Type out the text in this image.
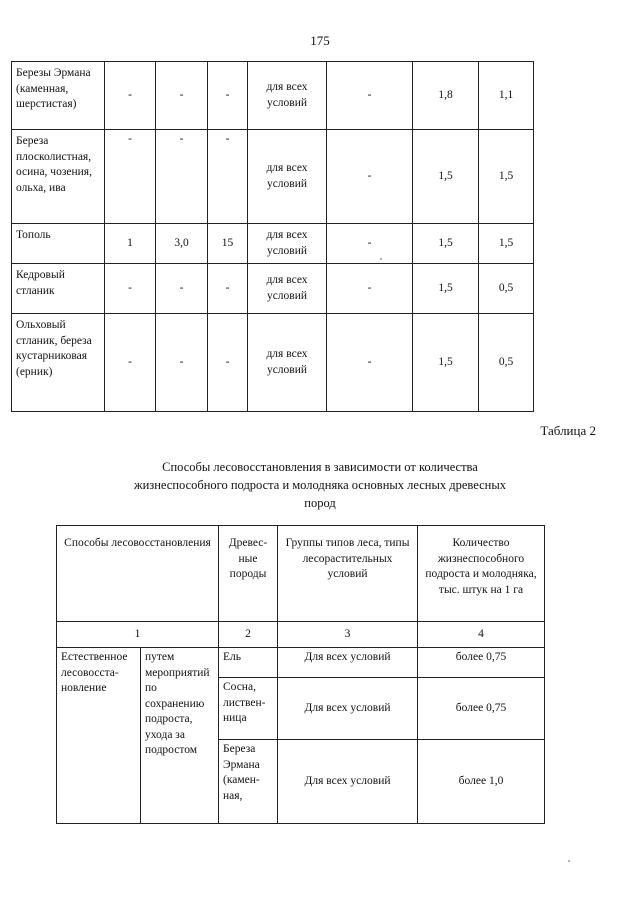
175
Березы Эрмана (каменная, шерстистая)	-	-	-	для всех условий	-	1,8	1,1
Береза плосколистная, осина, чозения, ольха, ива	-	-	-	для всех условий	-	1,5	1,5
Тополь	1	3,0	15	для всех условий	-	1,5	1,5
Кедровый стланик	-	-	-	для всех условий	-	1,5	0,5
Ольховый стланик, береза кустарниковая (ерник)	-	-	-	для всех условий	-	1,5	0,5
Таблица 2
Способы лесовосстановления в зависимости от количества жизнеспособного подроста и молодняка основных лесных древесных пород
Способы лесовосстановления		Древес-ные породы	Группы типов леса, типы лесорастительных условий	Количество жизнеспособного подроста и молодняка, тыс. штук на 1 га
1		2	3	4
Естественное лесовосста-новление	путем мероприятий по сохранению подроста, ухода за подростом	Ель	Для всех условий	более 0,75
		Сосна, листвен-ница	Для всех условий	более 0,75
		Береза Эрмана (камен-ная,	Для всех условий	более 1,0
